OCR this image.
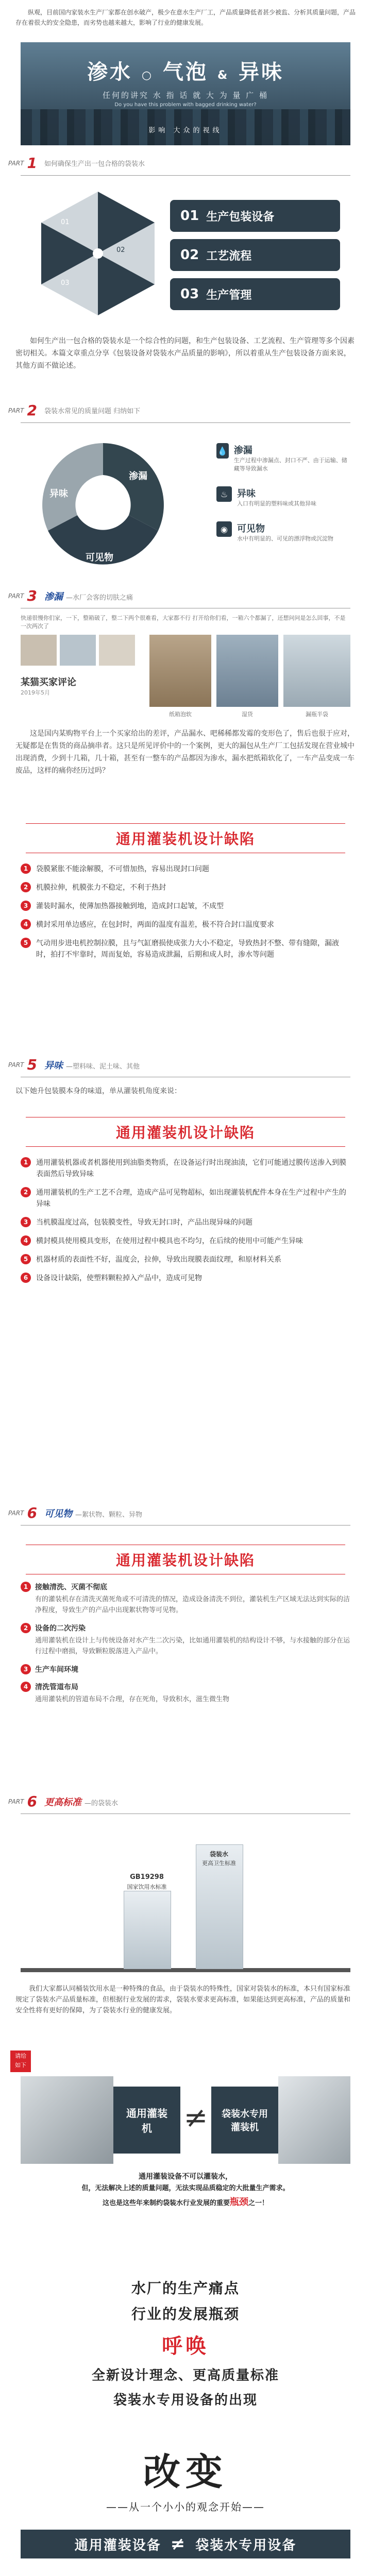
纵观，目前国内家装水生产厂家都在创水破产，极少在意水生产厂工，产品质量降低者甚少被监、分析其质量问题，产品存在着很大的安全隐患，而劣势也越来越大，影响了行业的健康发展。

渗水 ○ 气泡 & 异味
任何的讲究 水 指 话 就 大 为 量 广 桶
Do you have this problem with bagged drinking water?
影响 大众的视线
PART 1 如何确保生产出一包合格的袋装水
01
02
03
01 生产包装设备
02 工艺流程
03 生产管理

如何生产出一包合格的袋装水是一个综合性的问题，和生产包装设备、工艺流程、生产管理等多个因素密切相关。本篇文章重点分享《包装设备对袋装水产品质量的影响》，所以着重从生产包装设备方面来说，其他方面不做论述。

PART 2 袋装水常见的质量问题 归纳如下
渗漏
异味
可见物
💧 渗漏
生产过程中渗漏点、封口不严、由于运输、储藏等导致漏水
♨ 异味
入口有明显的塑料味或其他异味
◉	可见物
水中有明显的、可见的漂浮物或沉淀物
PART 3 渗漏 —水厂会客的切肤之痛
快递很慢你们家，一下，整箱破了，整二下两个很难看，大家都不行 打开给你们看，一箱六个都漏了，还想问问是怎么回事，不是一次两次了
某猫买家评论
2019年5月
纸箱泡软	湿货	漏瓶半袋

这是国内某购物平台上一个买家给出的差评，产品漏水、吧稀稀都发霉的变形色了，售后也很于应对，无疑都是在售货的商品摘串者。这只是所见评价中的一个案例，更大的漏包从生产厂工包括发现在营业城中出现消费，少到十几箱，几十箱，甚至有一整车的产品都因为渗水，漏水把纸箱软化了，一车产品变成一车废品，这样的痛你经历过吗？

通用灌装机设计缺陷
1	袋膜紧胀不能涂解膜，不可惜加热，容易出现封口问题
2	机膜拉伸，机膜张力不稳定，不利于热封
3	灌装时漏水，使薄加热器接触到地，造成封口起皱，不成型
4	横封采用单边感应，在包封时，两面的温度有温差，极不符合封口温度要求
5	气动用步进电机控制拉膜，且与气缸磨损使成张力大小不稳定，导致热封不整、带有缝隙，漏液时，拍打不牢靠时，周而复始，容易造成泄漏，后期和成人时，渗水等问题
PART 5 异味 —塑料味、泥土味、其他

以下她升包装膜本身的味道，单从灌装机角度来说：

通用灌装机设计缺陷
1	通用灌装机器或者机器使用到油脂类物质，在设备运行时出现油渍，它们可能通过膜传送渗入到膜表面然后导致异味
2	通用灌装机的生产工艺不合理，造成产品可见物超标，如出现灌装机配件本身在生产过程中产生的异味
3	当机膜温度过高，包装膜变性，导致无封口时，产品出现异味的问题
4	横封模具使用模具变形，在使用过程中模具也不均匀，在后续的使用中可能产生异味
5	机器材质的表面性不好，温度会，拉伸，导致出现膜表面纹理，和原材料关系
6	设备设计缺陷，使塑料颗粒掉入产品中，造成可见物
PART 6 可见物 —絮状物、颗粒、异物
通用灌装机设计缺陷
1 接触清洗、灭菌不彻底

有的灌装机存在清洗灭菌死角或不可清洗的情况，造成设备清洗不到位，灌装机生产区域无法达到实际的洁净程度，导致生产的产品中出现絮状物等可见物。

2 设备的二次污染

通用灌装机在设计上与传统设备对水产生二次污染，比如通用灌装机的结构设计不够，与水接触的部分在运行过程中磨损，导致颗粒脱落进入产品中。

3 生产车间环境
4 清洗管道布局

通用灌装机的管道布局不合理，存在死角，导致积水，滋生微生物

PART 6 更高标准 —的袋装水
GB19298
国家饮用水标准
袋装水
更高卫生标准

我们大家都认同桶装饮用水是一种特殊的食品，由于袋装水的特殊性，国家对袋装水的标准，本只有国家标准规定了袋装水产品质量标准，但根据行业发展的需求，袋装水要求更高标准，如果能达到更高标准，产品的质量和安全性将有更好的保障，为了袋装水行业的健康发展。

请给
如下
通用灌装机	≠	袋装水专用灌装机
通用灌装设备不可以灌装水，
但，无法解决上述的质量问题，无法实现品质稳定的大批量生产需求。
这也是这些年来制约袋装水行业发展的重要瓶颈之一！
水厂的生产痛点
行业的发展瓶颈
呼唤
全新设计理念、更高质量标准
袋装水专用设备的出现
改变
——从一个小小的观念开始——
通用灌装设备 ≠ 袋装水专用设备
